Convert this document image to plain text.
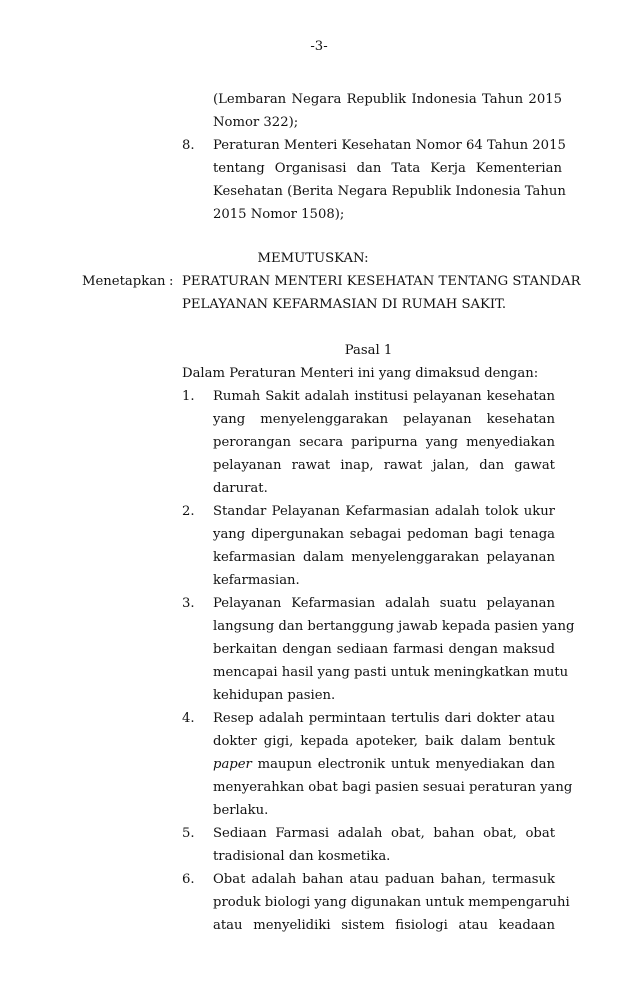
-3-
(Lembaran Negara Republik Indonesia Tahun 2015
Nomor 322);
8. Peraturan Menteri Kesehatan Nomor 64 Tahun 2015
tentang Organisasi dan Tata Kerja Kementerian
Kesehatan (Berita Negara Republik Indonesia Tahun
2015 Nomor 1508);
MEMUTUSKAN:
Menetapkan : PERATURAN MENTERI KESEHATAN TENTANG STANDAR
PELAYANAN KEFARMASIAN DI RUMAH SAKIT.
Pasal 1
Dalam Peraturan Menteri ini yang dimaksud dengan:
1. Rumah Sakit adalah institusi pelayanan kesehatan
yang menyelenggarakan pelayanan kesehatan
perorangan secara paripurna yang menyediakan
pelayanan rawat inap, rawat jalan, dan gawat
darurat.
2. Standar Pelayanan Kefarmasian adalah tolok ukur
yang dipergunakan sebagai pedoman bagi tenaga
kefarmasian dalam menyelenggarakan pelayanan
kefarmasian.
3. Pelayanan Kefarmasian adalah suatu pelayanan
langsung dan bertanggung jawab kepada pasien yang
berkaitan dengan sediaan farmasi dengan maksud
mencapai hasil yang pasti untuk meningkatkan mutu
kehidupan pasien.
4. Resep adalah permintaan tertulis dari dokter atau
dokter gigi, kepada apoteker, baik dalam bentuk
paper maupun electronik untuk menyediakan dan
menyerahkan obat bagi pasien sesuai peraturan yang
berlaku.
5. Sediaan Farmasi adalah obat, bahan obat, obat
tradisional dan kosmetika.
6. Obat adalah bahan atau paduan bahan, termasuk
produk biologi yang digunakan untuk mempengaruhi
atau menyelidiki sistem fisiologi atau keadaan
